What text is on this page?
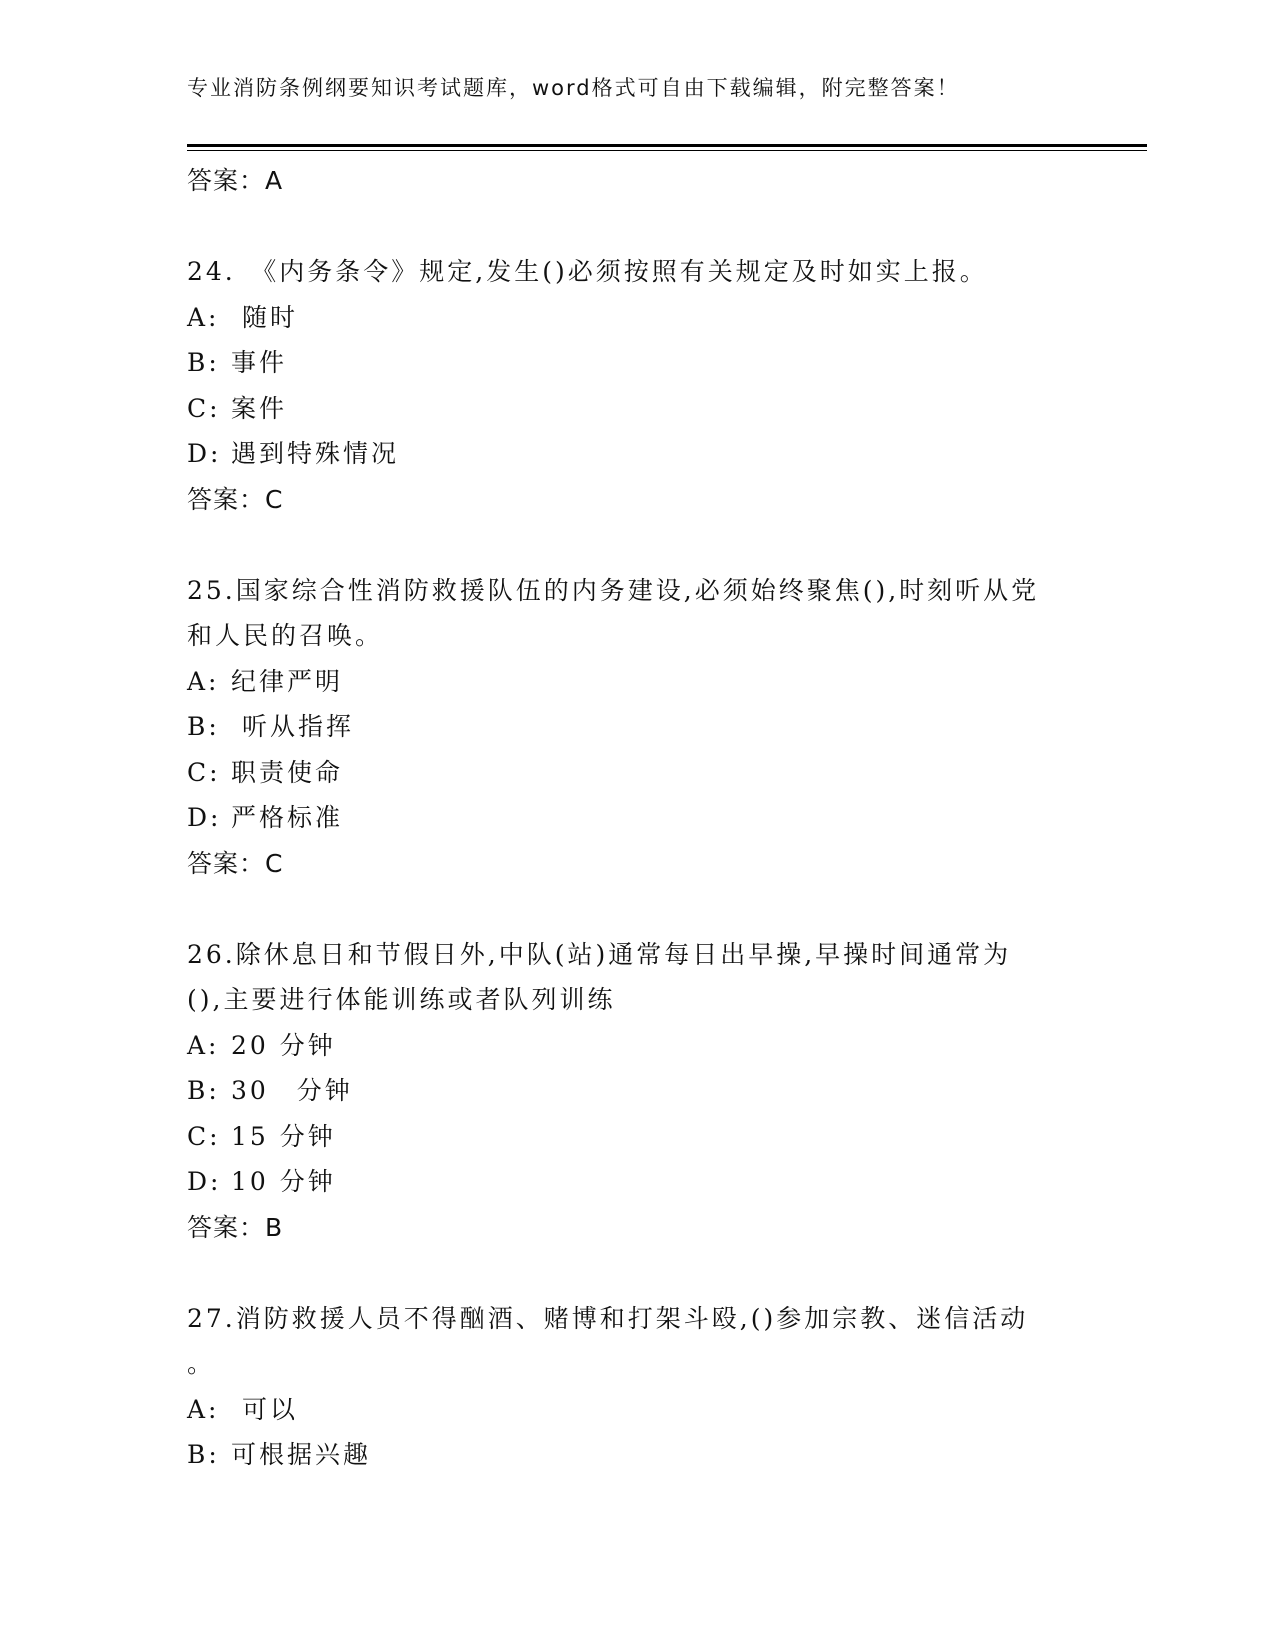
专业消防条例纲要知识考试题库，word格式可自由下载编辑，附完整答案！
答案：A
24.　《内务条令》规定,发生()必须按照有关规定及时如实上报。
A: 随时
B: 事件
C: 案件
D: 遇到特殊情况
答案：C
25.国家综合性消防救援队伍的内务建设,必须始终聚焦(),时刻听从党
和人民的召唤。
A: 纪律严明
B: 听从指挥
C: 职责使命
D: 严格标准
答案：C
26.除休息日和节假日外,中队(站)通常每日出早操,早操时间通常为
(),主要进行体能训练或者队列训练
A: 20 分钟
B: 30　分钟
C: 15 分钟
D: 10 分钟
答案：B
27.消防救援人员不得酗酒、赌博和打架斗殴,()参加宗教、迷信活动
。
A: 可以
B: 可根据兴趣
